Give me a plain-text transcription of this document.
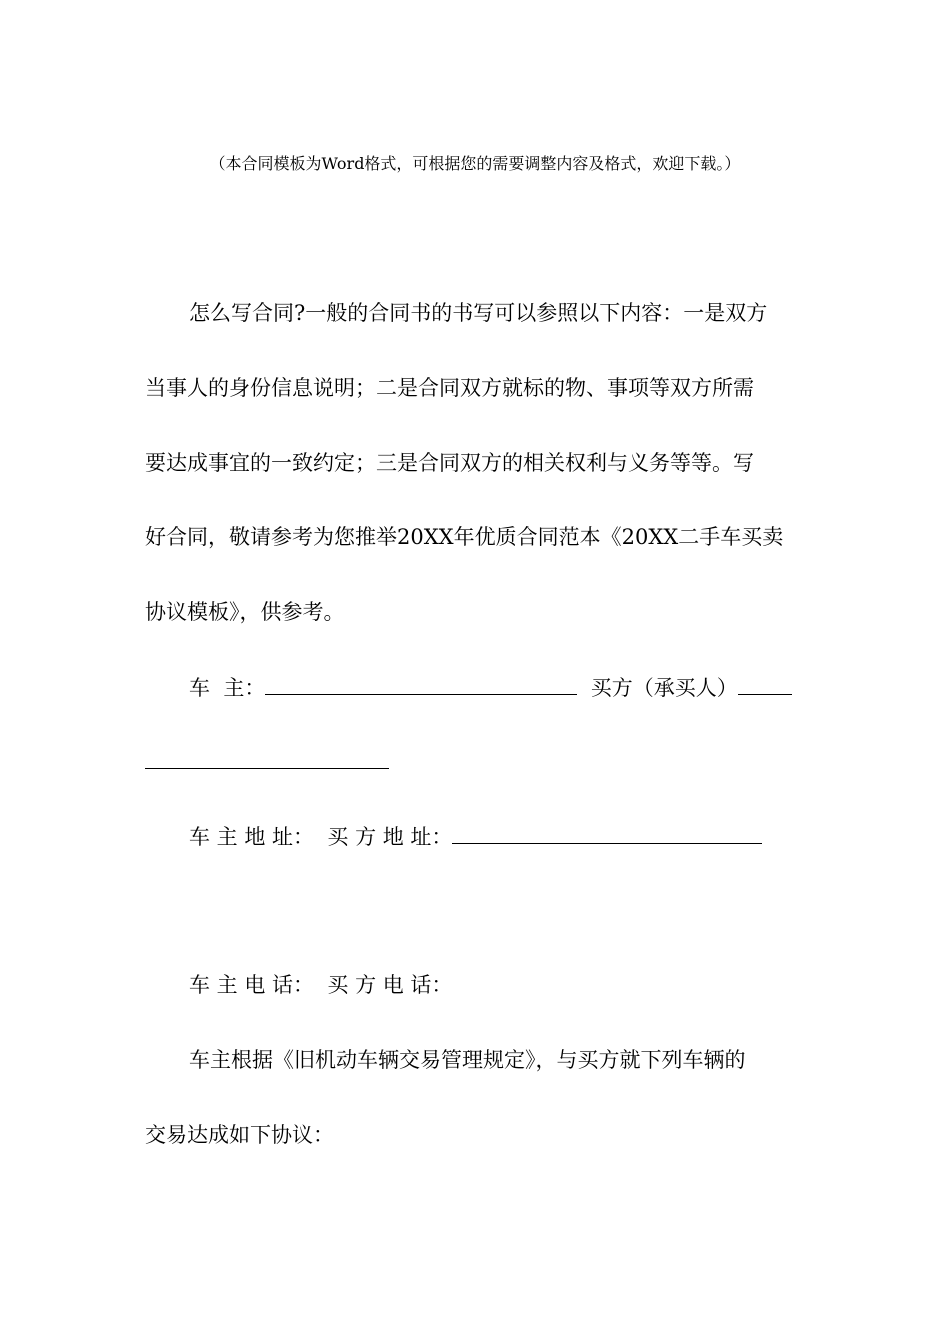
（本合同模板为Word格式，可根据您的需要调整内容及格式，欢迎下载。）
怎么写合同?一般的合同书的书写可以参照以下内容：一是双方
当事人的身份信息说明；二是合同双方就标的物、事项等双方所需
要达成事宜的一致约定；三是合同双方的相关权利与义务等等。写
好合同，敬请参考为您推举20XX年优质合同范本《20XX二手车买卖
协议模板》，供参考。
车  主：	买方（承买人）
车 主 地 址： 买 方 地 址：
车 主 电 话： 买 方 电 话：
车主根据《旧机动车辆交易管理规定》，与买方就下列车辆的
交易达成如下协议：
